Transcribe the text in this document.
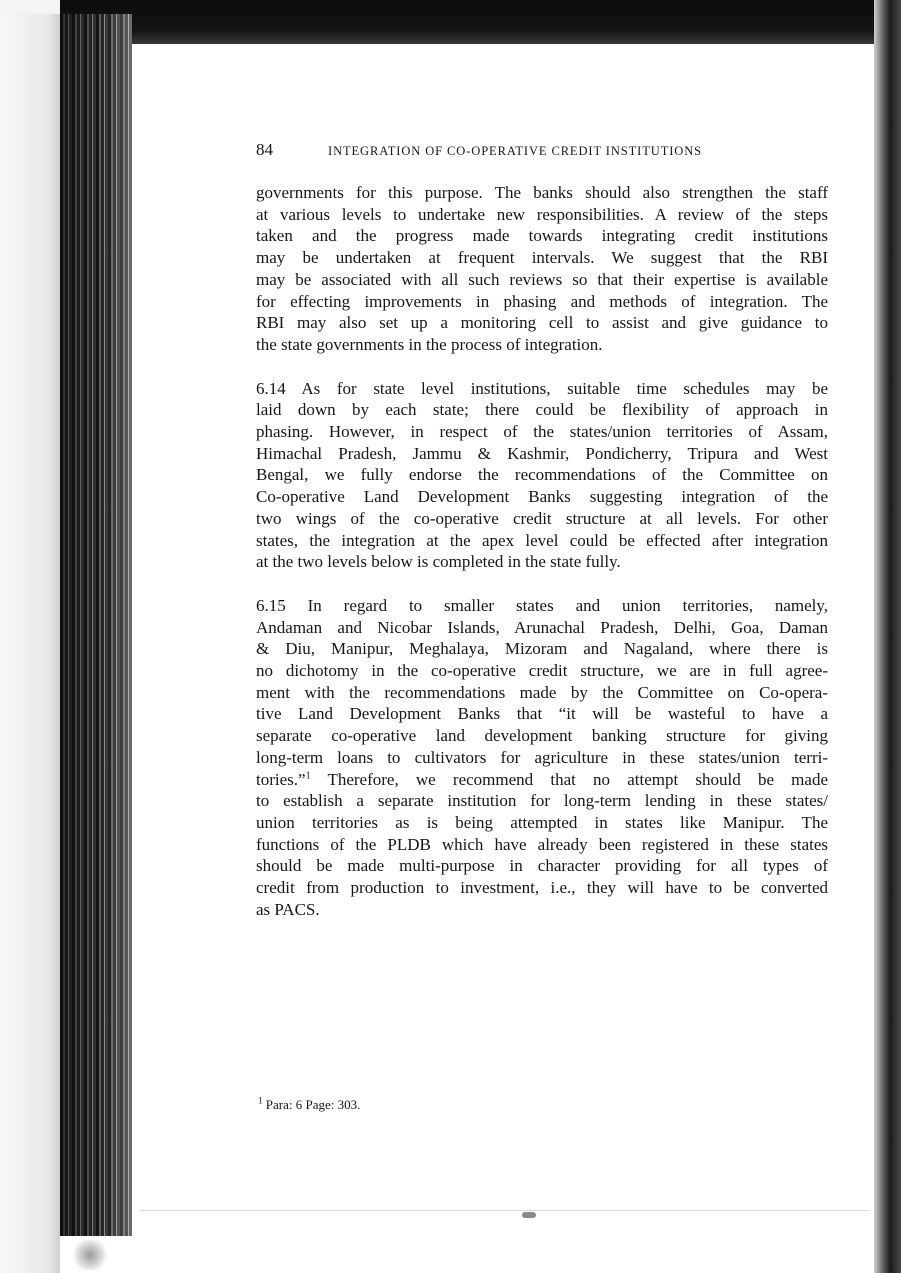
84	INTEGRATION OF CO-OPERATIVE CREDIT INSTITUTIONS
governments for this purpose. The banks should also strengthen the staff
at various levels to undertake new responsibilities. A review of the steps
taken and the progress made towards integrating credit institutions
may be undertaken at frequent intervals. We suggest that the RBI
may be associated with all such reviews so that their expertise is available
for effecting improvements in phasing and methods of integration. The
RBI may also set up a monitoring cell to assist and give guidance to
the state governments in the process of integration.
6.14 As for state level institutions, suitable time schedules may be
laid down by each state; there could be flexibility of approach in
phasing. However, in respect of the states/union territories of Assam,
Himachal Pradesh, Jammu & Kashmir, Pondicherry, Tripura and West
Bengal, we fully endorse the recommendations of the Committee on
Co-operative Land Development Banks suggesting integration of the
two wings of the co-operative credit structure at all levels. For other
states, the integration at the apex level could be effected after integration
at the two levels below is completed in the state fully.
6.15 In regard to smaller states and union territories, namely,
Andaman and Nicobar Islands, Arunachal Pradesh, Delhi, Goa, Daman
& Diu, Manipur, Meghalaya, Mizoram and Nagaland, where there is
no dichotomy in the co-operative credit structure, we are in full agree-
ment with the recommendations made by the Committee on Co-opera-
tive Land Development Banks that “it will be wasteful to have a
separate co-operative land development banking structure for giving
long-term loans to cultivators for agriculture in these states/union terri-
tories.”$^1$ Therefore, we recommend that no attempt should be made
to establish a separate institution for long-term lending in these states/
union territories as is being attempted in states like Manipur. The
functions of the PLDB which have already been registered in these states
should be made multi-purpose in character providing for all types of
credit from production to investment, i.e., they will have to be converted
as PACS.
$^1$ Para: 6 Page: 303.
